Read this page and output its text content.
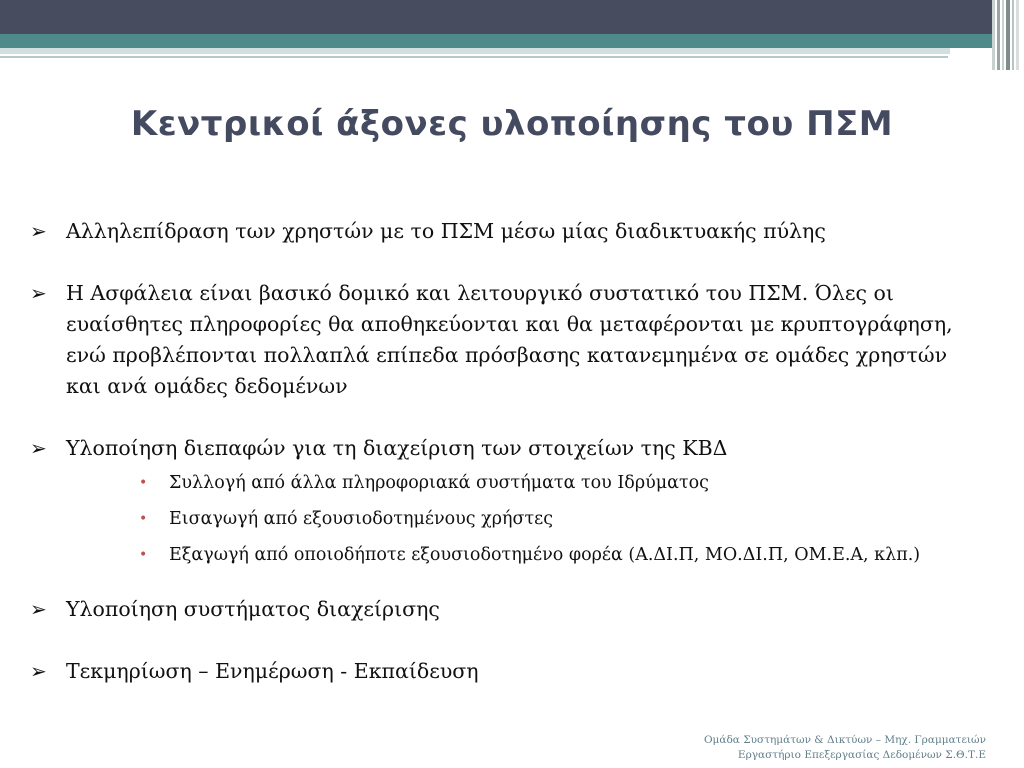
Κεντρικοί άξονες υλοποίησης του ΠΣΜ
➢ Αλληλεπίδραση των χρηστών με το ΠΣΜ μέσω μίας διαδικτυακής πύλης
➢ Η Ασφάλεια είναι βασικό δομικό και λειτουργικό συστατικό του ΠΣΜ. Όλες οι ευαίσθητες πληροφορίες θα αποθηκεύονται και θα μεταφέρονται με κρυπτογράφηση, ενώ προβλέπονται πολλαπλά επίπεδα πρόσβασης κατανεμημένα σε ομάδες χρηστών και ανά ομάδες δεδομένων
➢ Υλοποίηση διεπαφών για τη διαχείριση των στοιχείων της ΚΒΔ
• Συλλογή από άλλα πληροφοριακά συστήματα του Ιδρύματος
• Εισαγωγή από εξουσιοδοτημένους χρήστες
• Εξαγωγή από οποιοδήποτε εξουσιοδοτημένο φορέα (Α.ΔΙ.Π, ΜΟ.ΔΙ.Π, ΟΜ.Ε.Α, κλπ.)
➢ Υλοποίηση συστήματος διαχείρισης
➢ Τεκμηρίωση – Ενημέρωση - Εκπαίδευση
Ομάδα Συστημάτων & Δικτύων – Μηχ. Γραμματειών
Εργαστήριο Επεξεργασίας Δεδομένων Σ.Θ.Τ.Ε
